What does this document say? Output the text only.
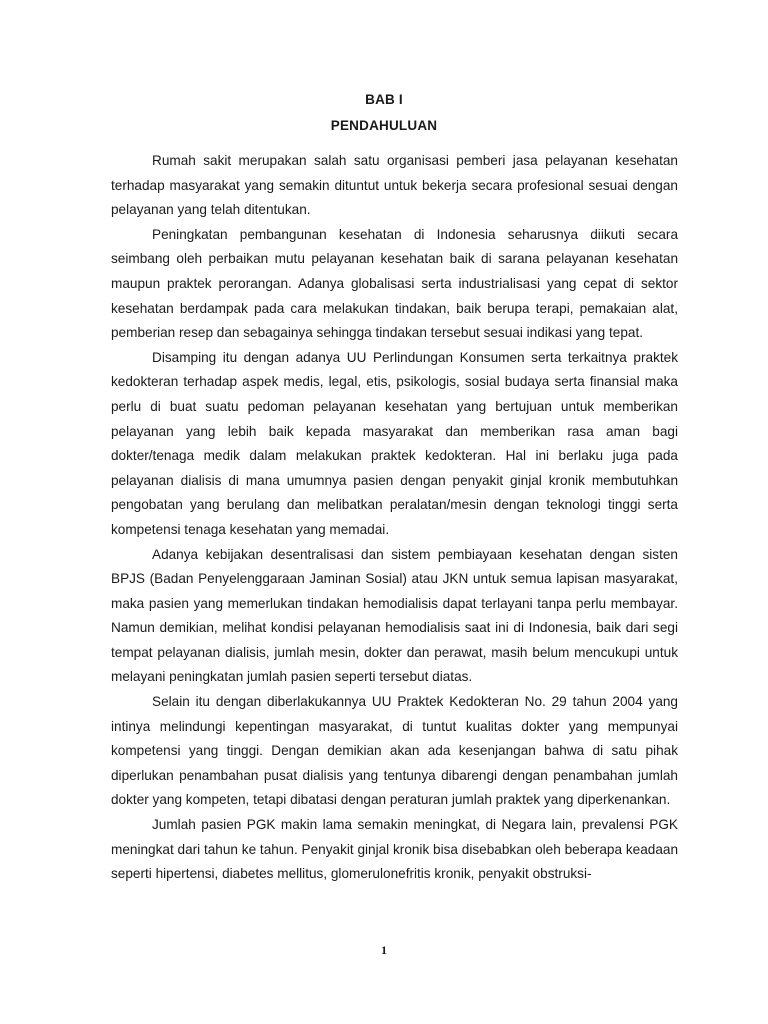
BAB I
PENDAHULUAN

Rumah sakit merupakan salah satu organisasi pemberi jasa pelayanan kesehatan terhadap masyarakat yang semakin dituntut untuk bekerja secara profesional sesuai dengan pelayanan yang telah ditentukan.

Peningkatan pembangunan kesehatan di Indonesia seharusnya diikuti secara seimbang oleh perbaikan mutu pelayanan kesehatan baik di sarana pelayanan kesehatan maupun praktek perorangan. Adanya globalisasi serta industrialisasi yang cepat di sektor kesehatan berdampak pada cara melakukan tindakan, baik berupa terapi, pemakaian alat, pemberian resep dan sebagainya sehingga tindakan tersebut sesuai indikasi yang tepat.

Disamping itu dengan adanya UU Perlindungan Konsumen serta terkaitnya praktek kedokteran terhadap aspek medis, legal, etis, psikologis, sosial budaya serta finansial maka perlu di buat suatu pedoman pelayanan kesehatan yang bertujuan untuk memberikan pelayanan yang lebih baik kepada masyarakat dan memberikan rasa aman bagi dokter/tenaga medik dalam melakukan praktek kedokteran. Hal ini berlaku juga pada pelayanan dialisis di mana umumnya pasien dengan penyakit ginjal kronik membutuhkan pengobatan yang berulang dan melibatkan peralatan/mesin dengan teknologi tinggi serta kompetensi tenaga kesehatan yang memadai.

Adanya kebijakan desentralisasi dan sistem pembiayaan kesehatan dengan sisten BPJS (Badan Penyelenggaraan Jaminan Sosial) atau JKN untuk semua lapisan masyarakat, maka pasien yang memerlukan tindakan hemodialisis dapat terlayani tanpa perlu membayar. Namun demikian, melihat kondisi pelayanan hemodialisis saat ini di Indonesia, baik dari segi tempat pelayanan dialisis, jumlah mesin, dokter dan perawat, masih belum mencukupi untuk melayani peningkatan jumlah pasien seperti tersebut diatas.

Selain itu dengan diberlakukannya UU Praktek Kedokteran No. 29 tahun 2004 yang intinya melindungi kepentingan masyarakat, di tuntut kualitas dokter yang mempunyai kompetensi yang tinggi. Dengan demikian akan ada kesenjangan bahwa di satu pihak diperlukan penambahan pusat dialisis yang tentunya dibarengi dengan penambahan jumlah dokter yang kompeten, tetapi dibatasi dengan peraturan jumlah praktek yang diperkenankan.

Jumlah pasien PGK makin lama semakin meningkat, di Negara lain, prevalensi PGK meningkat dari tahun ke tahun. Penyakit ginjal kronik bisa disebabkan oleh beberapa keadaan seperti hipertensi, diabetes mellitus, glomerulonefritis kronik, penyakit obstruksi-

1
